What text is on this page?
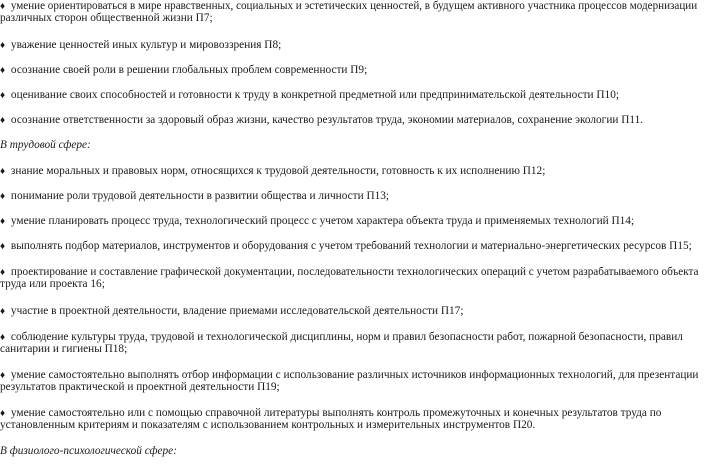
♦ умение ориентироваться в мире нравственных, социальных и эстетических ценностей, в будущем активного участника процессов модернизации
различных сторон общественной жизни П7;
♦ уважение ценностей иных культур и мировоззрения П8;
♦ осознание своей роли в решении глобальных проблем современности П9;
♦ оценивание своих способностей и готовности к труду в конкретной предметной или предпринимательской деятельности П10;
♦ осознание ответственности за здоровый образ жизни, качество результатов труда, экономии материалов, сохранение экологии П11.
В трудовой сфере:
♦ знание моральных и правовых норм, относящихся к трудовой деятельности, готовность к их исполнению П12;
♦ понимание роли трудовой деятельности в развитии общества и личности П13;
♦ умение планировать процесс труда, технологический процесс с учетом характера объекта труда и применяемых технологий П14;
♦ выполнять подбор материалов, инструментов и оборудования с учетом требований технологии и материально-энергетических ресурсов П15;
♦ проектирование и составление графической документации, последовательности технологических операций с учетом разрабатываемого объекта
труда или проекта 16;
♦ участие в проектной деятельности, владение приемами исследовательской деятельности П17;
♦ соблюдение культуры труда, трудовой и технологической дисциплины, норм и правил безопасности работ, пожарной безопасности, правил
санитарии и гигиены П18;
♦ умение самостоятельно выполнять отбор информации с использование различных источников информационных технологий, для презентации
результатов практической и проектной деятельности П19;
♦ умение самостоятельно или с помощью справочной литературы выполнять контроль промежуточных и конечных результатов труда по
установленным критериям и показателям с использованием контрольных и измерительных инструментов П20.
В физиолого-психологической сфере:
